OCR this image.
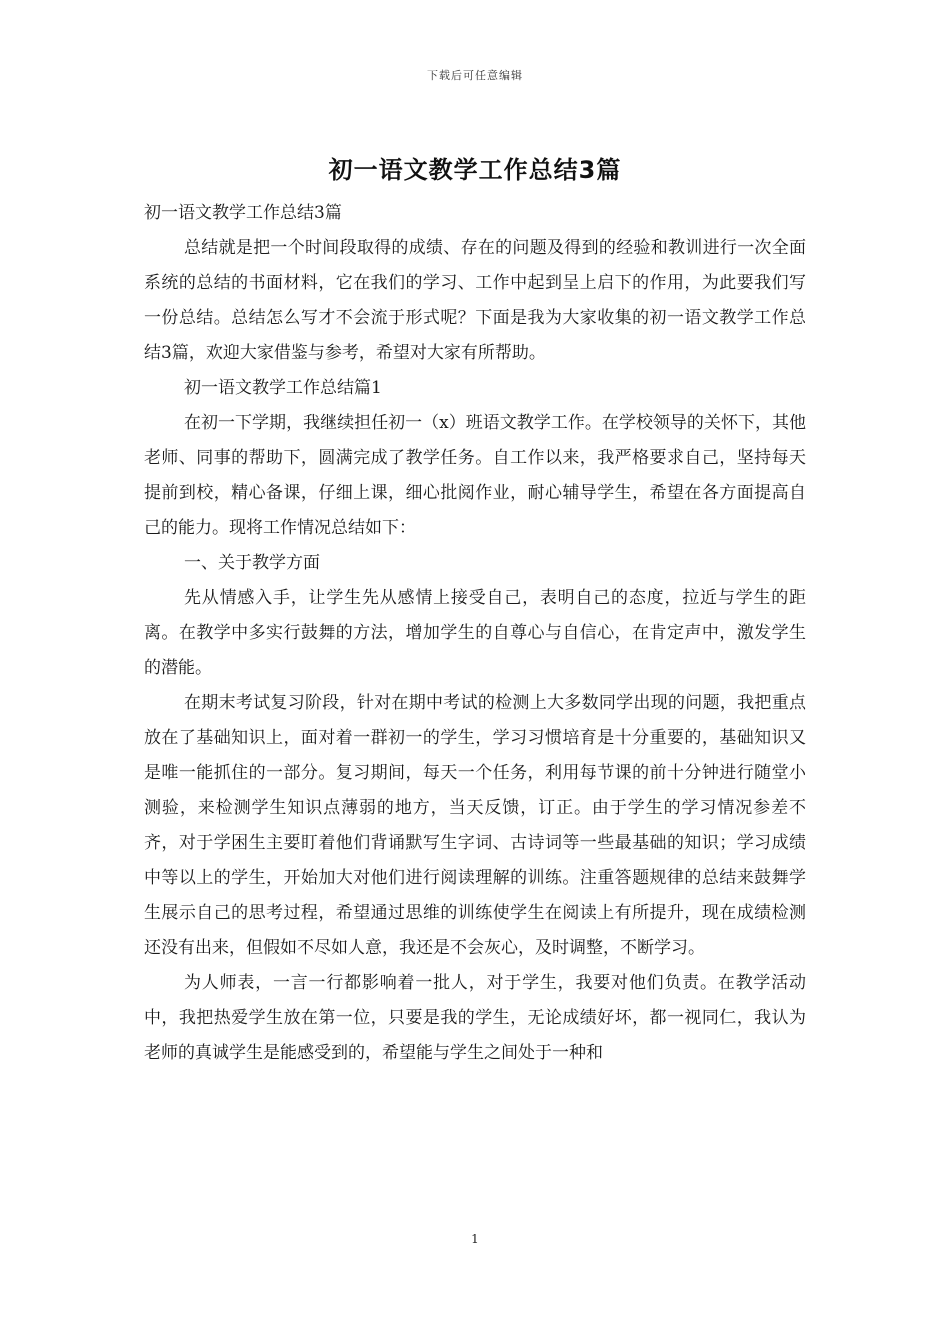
下载后可任意编辑
初一语文教学工作总结3篇

初一语文教学工作总结3篇

总结就是把一个时间段取得的成绩、存在的问题及得到的经验和教训进行一次全面系统的总结的书面材料，它在我们的学习、工作中起到呈上启下的作用，为此要我们写一份总结。总结怎么写才不会流于形式呢？下面是我为大家收集的初一语文教学工作总结3篇，欢迎大家借鉴与参考，希望对大家有所帮助。

初一语文教学工作总结篇1

在初一下学期，我继续担任初一（x）班语文教学工作。在学校领导的关怀下，其他老师、同事的帮助下，圆满完成了教学任务。自工作以来，我严格要求自己，坚持每天提前到校，精心备课，仔细上课，细心批阅作业，耐心辅导学生，希望在各方面提高自己的能力。现将工作情况总结如下：

一、关于教学方面

先从情感入手，让学生先从感情上接受自己，表明自己的态度，拉近与学生的距离。在教学中多实行鼓舞的方法，增加学生的自尊心与自信心，在肯定声中，激发学生的潜能。

在期末考试复习阶段，针对在期中考试的检测上大多数同学出现的问题，我把重点放在了基础知识上，面对着一群初一的学生，学习习惯培育是十分重要的，基础知识又是唯一能抓住的一部分。复习期间，每天一个任务，利用每节课的前十分钟进行随堂小测验，来检测学生知识点薄弱的地方，当天反馈，订正。由于学生的学习情况参差不齐，对于学困生主要盯着他们背诵默写生字词、古诗词等一些最基础的知识；学习成绩中等以上的学生，开始加大对他们进行阅读理解的训练。注重答题规律的总结来鼓舞学生展示自己的思考过程，希望通过思维的训练使学生在阅读上有所提升，现在成绩检测还没有出来，但假如不尽如人意，我还是不会灰心，及时调整，不断学习。

为人师表，一言一行都影响着一批人，对于学生，我要对他们负责。在教学活动中，我把热爱学生放在第一位，只要是我的学生，无论成绩好坏，都一视同仁，我认为老师的真诚学生是能感受到的，希望能与学生之间处于一种和

1
